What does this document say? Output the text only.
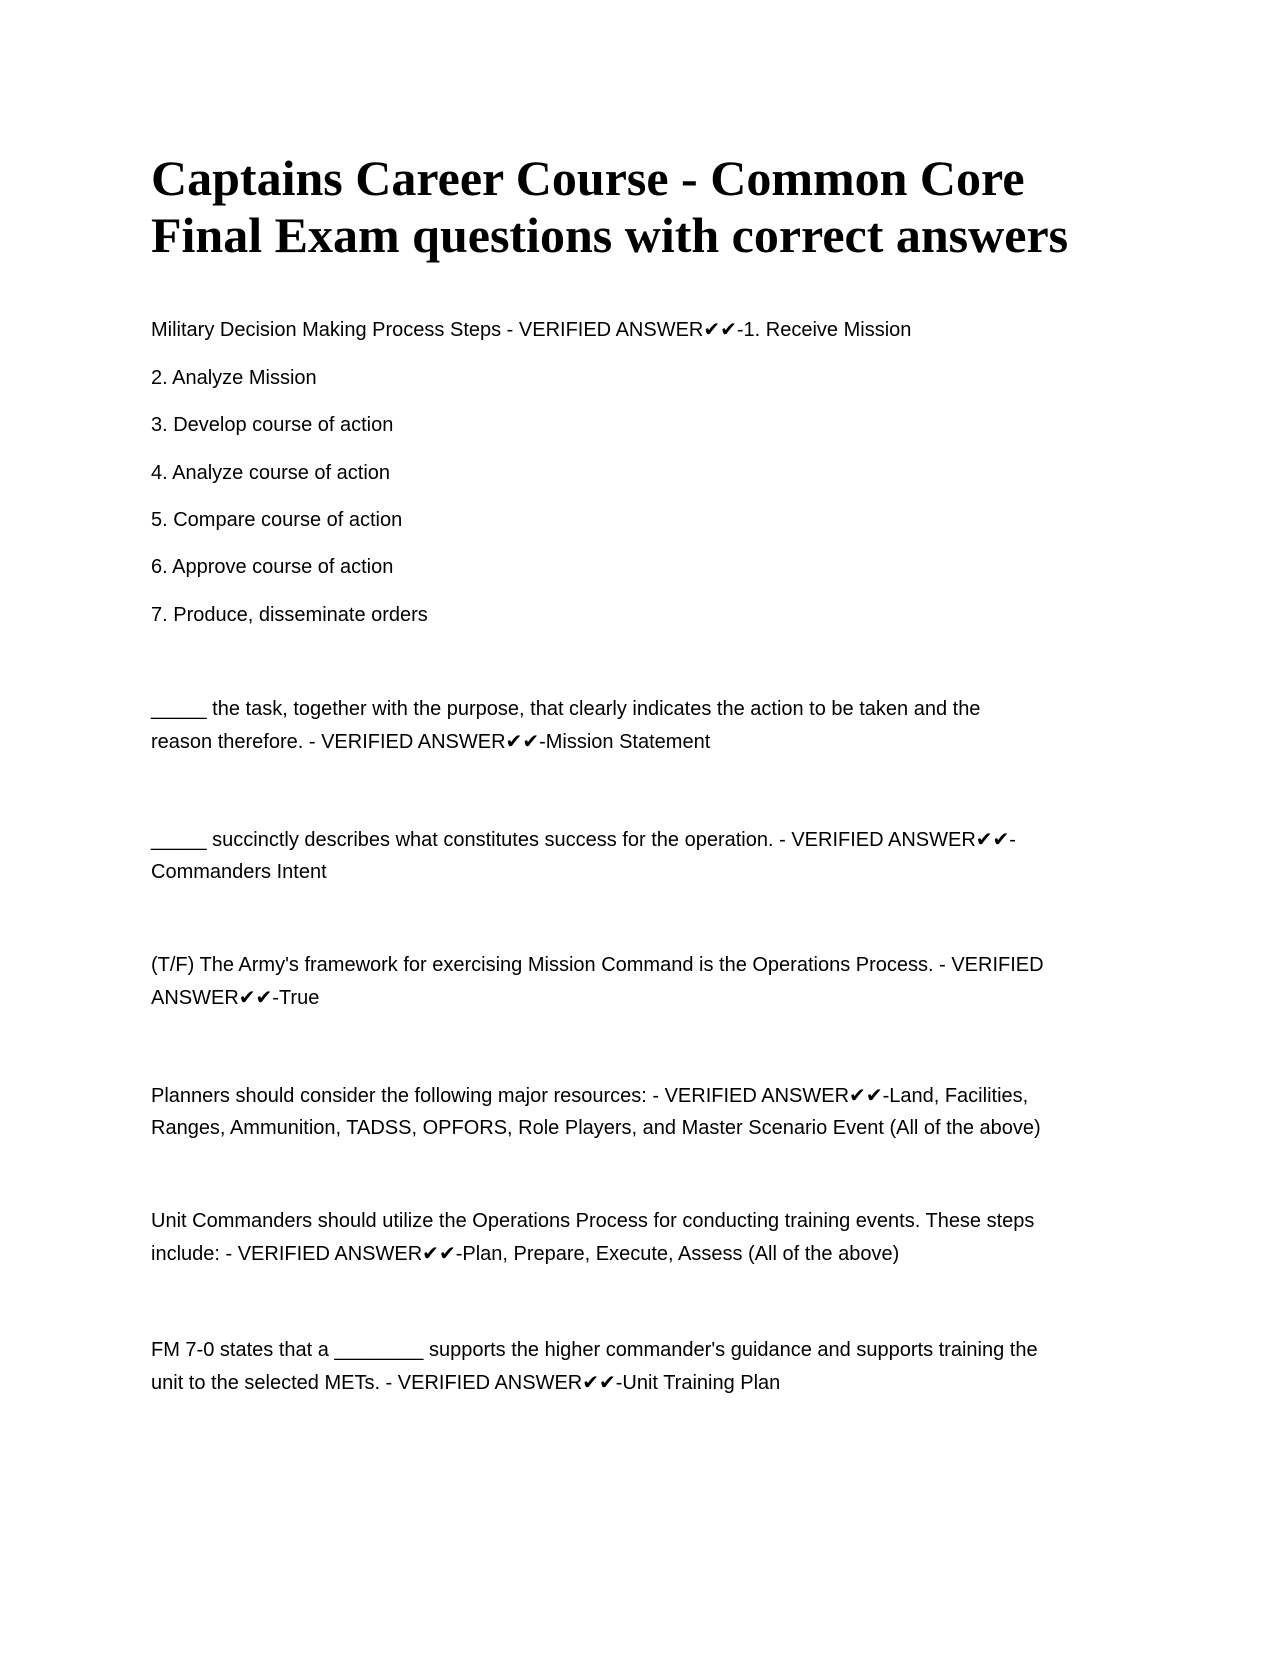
Captains Career Course - Common Core
Final Exam questions with correct answers
Military Decision Making Process Steps - VERIFIED ANSWER✔✔-1. Receive Mission
2. Analyze Mission
3. Develop course of action
4. Analyze course of action
5. Compare course of action
6. Approve course of action
7. Produce, disseminate orders
_____ the task, together with the purpose, that clearly indicates the action to be taken and the
reason therefore. - VERIFIED ANSWER✔✔-Mission Statement
_____ succinctly describes what constitutes success for the operation. - VERIFIED ANSWER✔✔-
Commanders Intent
(T/F) The Army's framework for exercising Mission Command is the Operations Process. - VERIFIED
ANSWER✔✔-True
Planners should consider the following major resources: - VERIFIED ANSWER✔✔-Land, Facilities,
Ranges, Ammunition, TADSS, OPFORS, Role Players, and Master Scenario Event (All of the above)
Unit Commanders should utilize the Operations Process for conducting training events. These steps
include: - VERIFIED ANSWER✔✔-Plan, Prepare, Execute, Assess (All of the above)
FM 7-0 states that a ________ supports the higher commander's guidance and supports training the
unit to the selected METs. - VERIFIED ANSWER✔✔-Unit Training Plan
